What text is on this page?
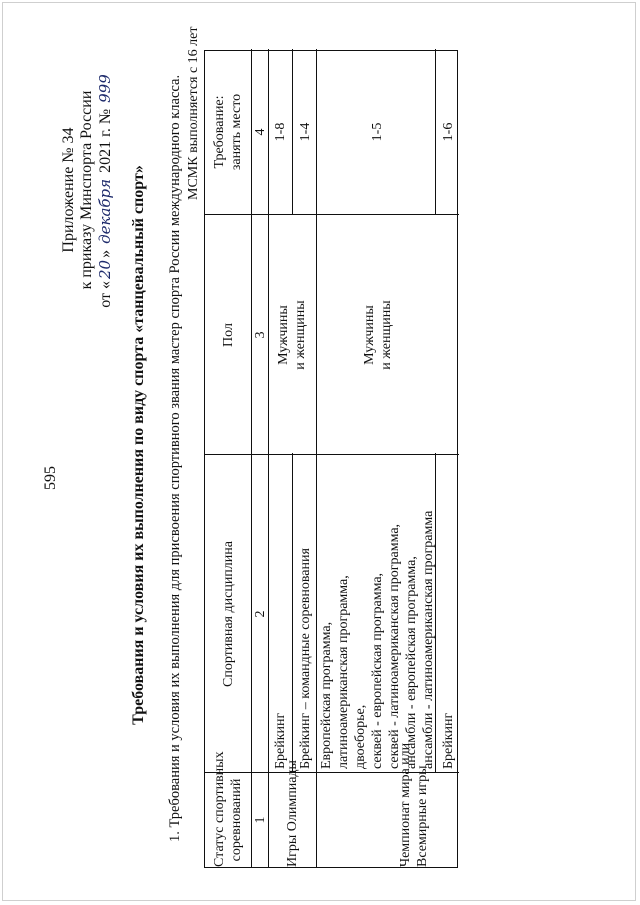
595
Приложение № 34 к приказу Минспорта России
от «20» декабря 2021 г. № 999
Требования и условия их выполнения по виду спорта «танцевальный спорт» 1. Требования и условия их выполнения для присвоения спортивного звания мастер спорта России международного класса. МСМК выполняется с 16 лет
Статус спортивных соревнований
Спортивная дисциплина
Пол
Требование: занять место
1
2
3
4
Игры Олимпиады
Брейкинг Брейкинг – командные соревнования
Мужчины и женщины
1-8 1-4
Чемпионат мира или Всемирные игры
Европейская программа, латиноамериканская программа, двоеборье, секвей - европейская программа, секвей - латиноамериканская программа, ансамбли - европейская программа, ансамбли - латиноамериканская программа Брейкинг
Мужчины и женщины
1-5	1-6
